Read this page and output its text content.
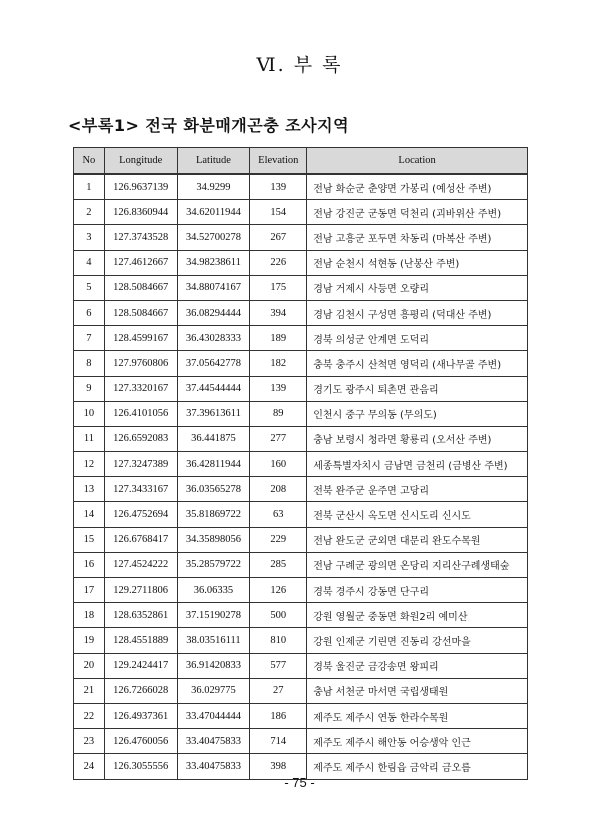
Ⅵ. 부 록
<부록1> 전국 화분매개곤충 조사지역
No	Longitude	Latitude	Elevation	Location
1	126.9637139	34.9299	139	전남 화순군 춘양면 가봉리 (예성산 주변)
2	126.8360944	34.62011944	154	전남 강진군 군동면 덕천리 (괴바위산 주변)
3	127.3743528	34.52700278	267	전남 고흥군 포두면 차동리 (마복산 주변)
4	127.4612667	34.98238611	226	전남 순천시 석현동 (난봉산 주변)
5	128.5084667	34.88074167	175	경남 거제시 사등면 오량리
6	128.5084667	36.08294444	394	경남 김천시 구성면 흥평리 (덕대산 주변)
7	128.4599167	36.43028333	189	경북 의성군 안계면 도덕리
8	127.9760806	37.05642778	182	충북 충주시 산척면 영덕리 (새나무골 주변)
9	127.3320167	37.44544444	139	경기도 광주시 퇴촌면 관음리
10	126.4101056	37.39613611	89	인천시 중구 무의동 (무의도)
11	126.6592083	36.441875	277	충남 보령시 청라면 황룡리 (오서산 주변)
12	127.3247389	36.42811944	160	세종특별자치시 금남면 금천리 (금병산 주변)
13	127.3433167	36.03565278	208	전북 완주군 운주면 고당리
14	126.4752694	35.81869722	63	전북 군산시 옥도면 신시도리 신시도
15	126.6768417	34.35898056	229	전남 완도군 군외면 대문리 완도수목원
16	127.4524222	35.28579722	285	전남 구례군 광의면 온당리 지리산구례생태숲
17	129.2711806	36.06335	126	경북 경주시 강동면 단구리
18	128.6352861	37.15190278	500	강원 영월군 중동면 화원2리 예미산
19	128.4551889	38.03516111	810	강원 인제군 기린면 진동리 강선마을
20	129.2424417	36.91420833	577	경북 울진군 금강송면 왕피리
21	126.7266028	36.029775	27	충남 서천군 마서면 국립생태원
22	126.4937361	33.47044444	186	제주도 제주시 연동 한라수목원
23	126.4760056	33.40475833	714	제주도 제주시 해안동 어승생악 인근
24	126.3055556	33.40475833	398	제주도 제주시 한림읍 금악리 금오름
- 75 -
